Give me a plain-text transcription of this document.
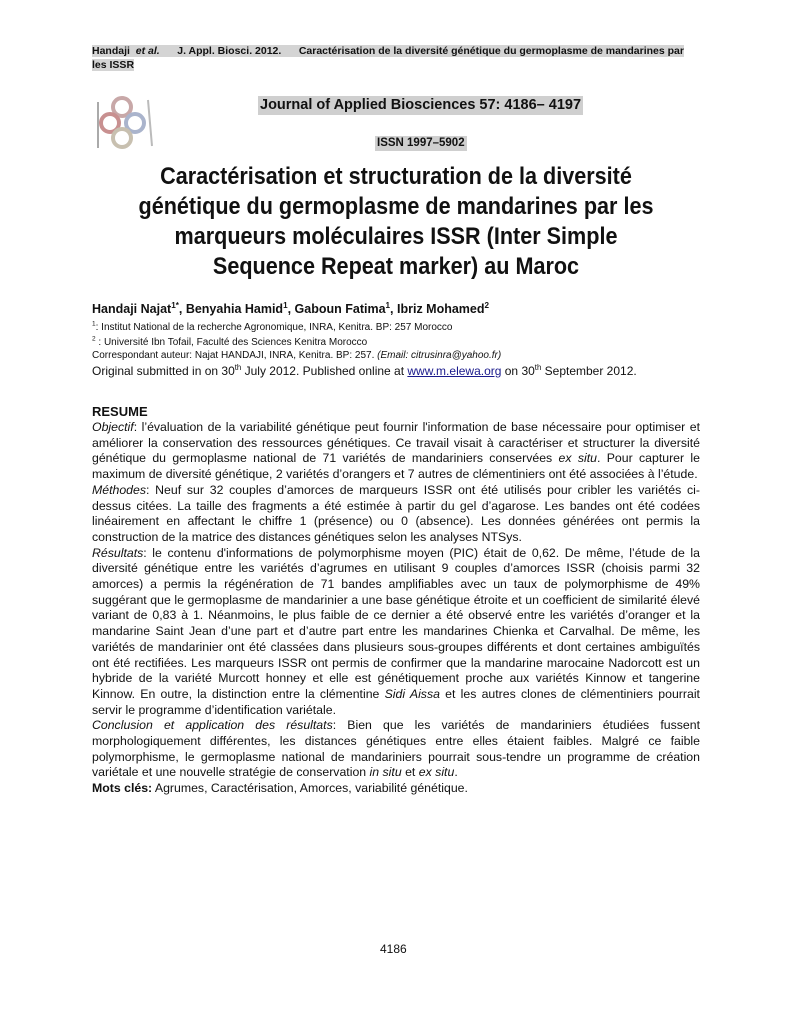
Handaji et al. J. Appl. Biosci. 2012. Caractérisation de la diversité génétique du germoplasme de mandarines par
les ISSR
Journal of Applied Biosciences 57: 4186– 4197
ISSN 1997–5902
Caractérisation et structuration de la diversité génétique du germoplasme de mandarines par les marqueurs moléculaires ISSR (Inter Simple Sequence Repeat marker) au Maroc
Handaji Najat$^{1*}$, Benyahia Hamid$^1$, Gaboun Fatima$^1$, Ibriz Mohamed$^2$
$^1$: Institut National de la recherche Agronomique, INRA, Kenitra. BP: 257 Morocco
$^2$ : Université Ibn Tofail, Faculté des Sciences Kenitra Morocco
Correspondant auteur: Najat HANDAJI, INRA, Kenitra. BP: 257. (Email: citrusinra@yahoo.fr)
Original submitted in on 30th July 2012. Published online at www.m.elewa.org on 30th September 2012.
RESUME

Objectif: l’évaluation de la variabilité génétique peut fournir l'information de base nécessaire pour optimiser et améliorer la conservation des ressources génétiques. Ce travail visait à caractériser et structurer la diversité génétique du germoplasme national de 71 variétés de mandariniers conservées ex situ. Pour capturer le maximum de diversité génétique, 2 variétés d’orangers et 7 autres de clémentiniers ont été associées à l’étude.

Méthodes: Neuf sur 32 couples d’amorces de marqueurs ISSR ont été utilisés pour cribler les variétés ci-dessus citées. La taille des fragments a été estimée à partir du gel d’agarose. Les bandes ont été codées linéairement en affectant le chiffre 1 (présence) ou 0 (absence). Les données générées ont permis la construction de la matrice des distances génétiques selon les analyses NTSys.

Résultats: le contenu d'informations de polymorphisme moyen (PIC) était de 0,62. De même, l’étude de la diversité génétique entre les variétés d’agrumes en utilisant 9 couples d’amorces ISSR (choisis parmi 32 amorces) a permis la régénération de 71 bandes amplifiables avec un taux de polymorphisme de 49% suggérant que le germoplasme de mandarinier a une base génétique étroite et un coefficient de similarité élevé variant de 0,83 à 1. Néanmoins, le plus faible de ce dernier a été observé entre les variétés d’oranger et la mandarine Saint Jean d’une part et d’autre part entre les mandarines Chienka et Carvalhal. De même, les variétés de mandarinier ont été classées dans plusieurs sous-groupes différents et dont certaines ambiguïtés ont été rectifiées. Les marqueurs ISSR ont permis de confirmer que la mandarine marocaine Nadorcott est un hybride de la variété Murcott honney et elle est génétiquement proche aux variétés Kinnow et tangerine Kinnow. En outre, la distinction entre la clémentine Sidi Aissa et les autres clones de clémentiniers pourrait servir le programme d’identification variétale.

Conclusion et application des résultats: Bien que les variétés de mandariniers étudiées fussent morphologiquement différentes, les distances génétiques entre elles étaient faibles. Malgré ce faible polymorphisme, le germoplasme national de mandariniers pourrait sous-tendre un programme de création variétale et une nouvelle stratégie de conservation in situ et ex situ.

Mots clés: Agrumes, Caractérisation, Amorces, variabilité génétique.

4186
